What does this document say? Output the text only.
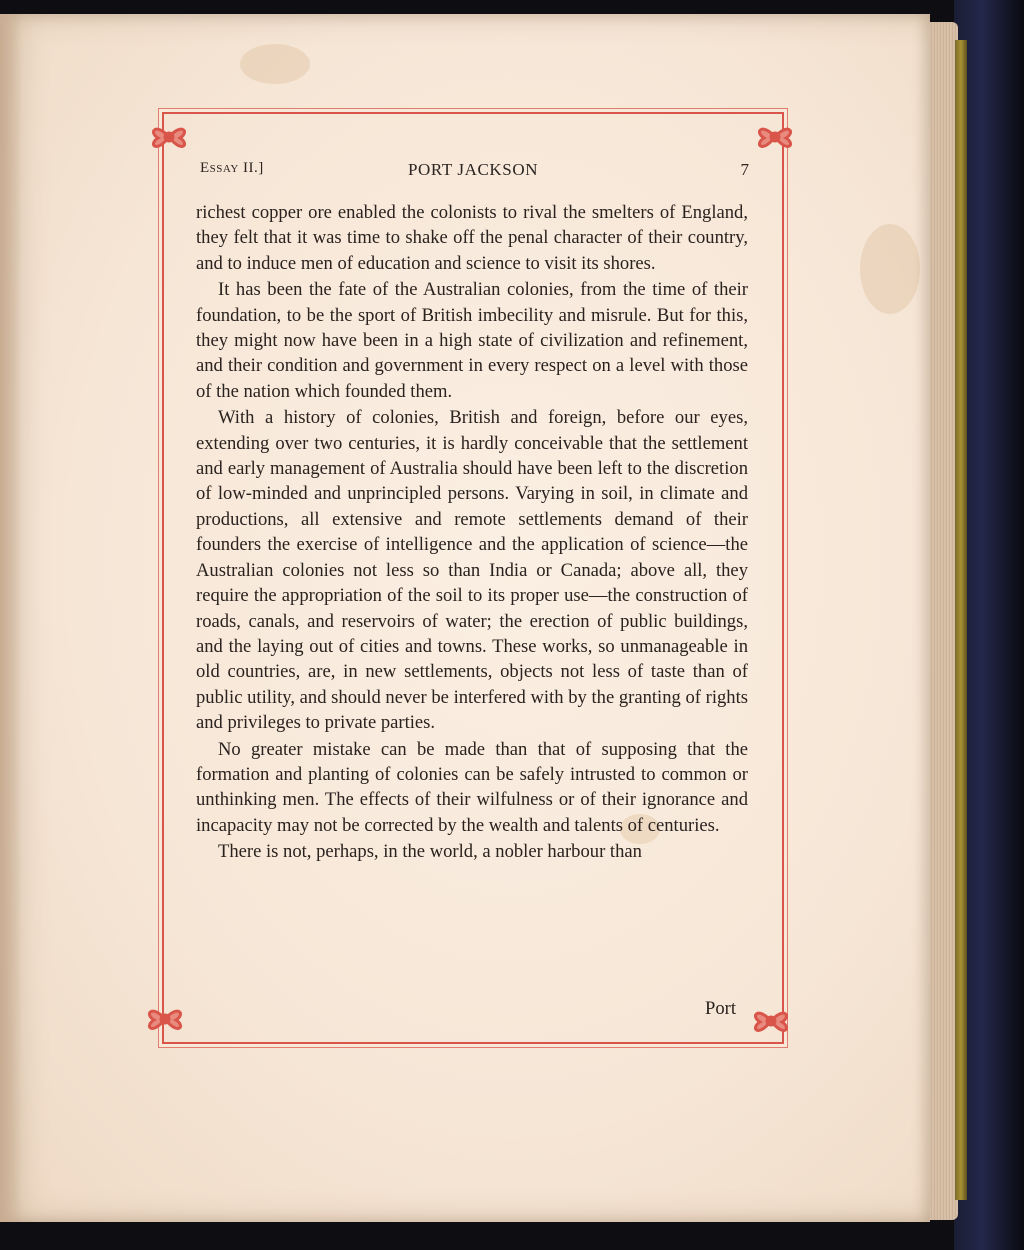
Essay II.]	PORT JACKSON	7

richest copper ore enabled the colonists to rival the smelters of England, they felt that it was time to shake off the penal character of their country, and to induce men of education and science to visit its shores.

It has been the fate of the Australian colonies, from the time of their foundation, to be the sport of British imbecility and misrule. But for this, they might now have been in a high state of civilization and refinement, and their condition and government in every respect on a level with those of the nation which founded them.

With a history of colonies, British and foreign, before our eyes, extending over two centuries, it is hardly conceivable that the settlement and early management of Australia should have been left to the discretion of low-minded and unprincipled persons. Varying in soil, in climate and productions, all extensive and remote settlements demand of their founders the exercise of intelligence and the application of science—the Australian colonies not less so than India or Canada; above all, they require the appropriation of the soil to its proper use—the construction of roads, canals, and reservoirs of water; the erection of public buildings, and the laying out of cities and towns. These works, so unmanageable in old countries, are, in new settlements, objects not less of taste than of public utility, and should never be interfered with by the granting of rights and privileges to private parties.

No greater mistake can be made than that of supposing that the formation and planting of colonies can be safely intrusted to common or unthinking men. The effects of their wilfulness or of their ignorance and incapacity may not be corrected by the wealth and talents of centuries.

There is not, perhaps, in the world, a nobler harbour than

Port
